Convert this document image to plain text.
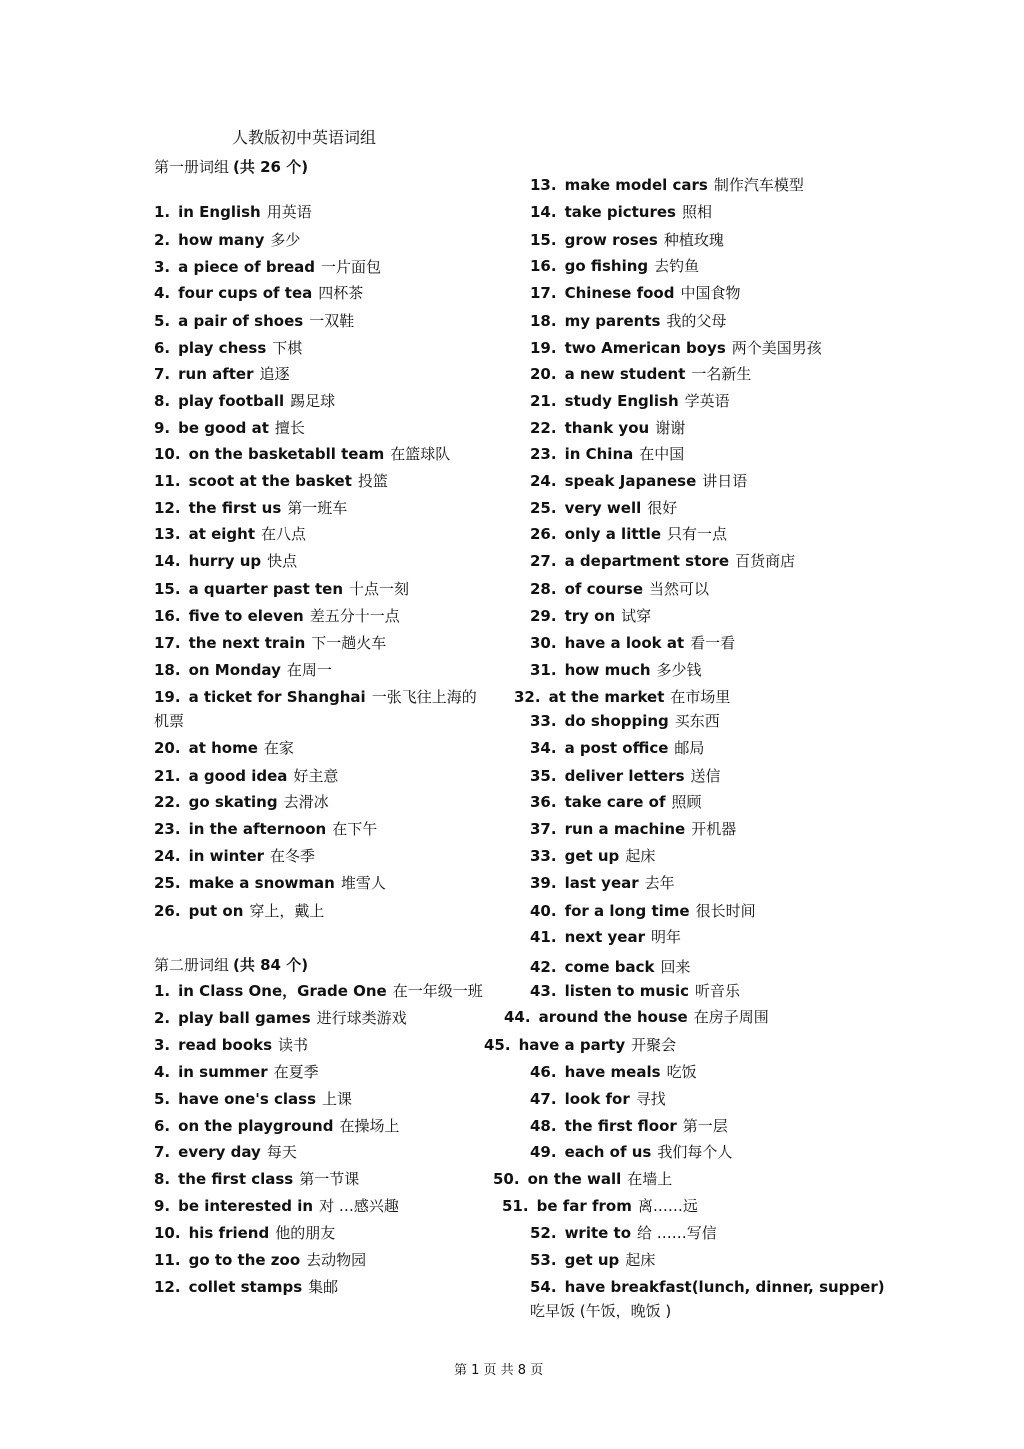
人教版初中英语词组
第一册词组 (共 26 个)
1. in English 用英语
2. how many 多少
3. a piece of bread 一片面包
4. four cups of tea 四杯茶
5. a pair of shoes 一双鞋
6. play chess 下棋
7. run after 追逐
8. play football 踢足球
9. be good at 擅长
10. on the basketabll team 在篮球队
11. scoot at the basket 投篮
12. the first us 第一班车
13. at eight 在八点
14. hurry up 快点
15. a quarter past ten 十点一刻
16. five to eleven 差五分十一点
17. the next train 下一趟火车
18. on Monday 在周一
19. a ticket for Shanghai 一张飞往上海的
机票
20. at home 在家
21. a good idea 好主意
22. go skating 去滑冰
23. in the afternoon 在下午
24. in winter 在冬季
25. make a snowman 堆雪人
26. put on 穿上，戴上
13. make model cars 制作汽车模型
14. take pictures 照相
15. grow roses 种植玫瑰
16. go fishing 去钓鱼
17. Chinese food 中国食物
18. my parents 我的父母
19. two American boys 两个美国男孩
20. a new student 一名新生
21. study English 学英语
22. thank you 谢谢
23. in China 在中国
24. speak Japanese 讲日语
25. very well 很好
26. only a little 只有一点
27. a department store 百货商店
28. of course 当然可以
29. try on 试穿
30. have a look at 看一看
31. how much 多少钱
32. at the market 在市场里
33. do shopping 买东西
34. a post office 邮局
35. deliver letters 送信
36. take care of 照顾
37. run a machine 开机器
33. get up 起床
39. last year 去年
40. for a long time 很长时间
41. next year 明年
42. come back 回来
43. listen to music 听音乐
44. around the house 在房子周围
45. have a party 开聚会
46. have meals 吃饭
47. look for 寻找
48. the first floor 第一层
49. each of us 我们每个人
50. on the wall 在墙上
51. be far from 离……远
52. write to 给 ……写信
53. get up 起床
54. have breakfast(lunch, dinner, supper)
吃早饭 (午饭，晚饭 )
第二册词组 (共 84 个)
1. in Class One，Grade One 在一年级一班
2. play ball games 进行球类游戏
3. read books 读书
4. in summer 在夏季
5. have one's class 上课
6. on the playground 在操场上
7. every day 每天
8. the first class 第一节课
9. be interested in 对 …感兴趣
10. his friend 他的朋友
11. go to the zoo 去动物园
12. collet stamps 集邮
第 1 页 共 8 页
